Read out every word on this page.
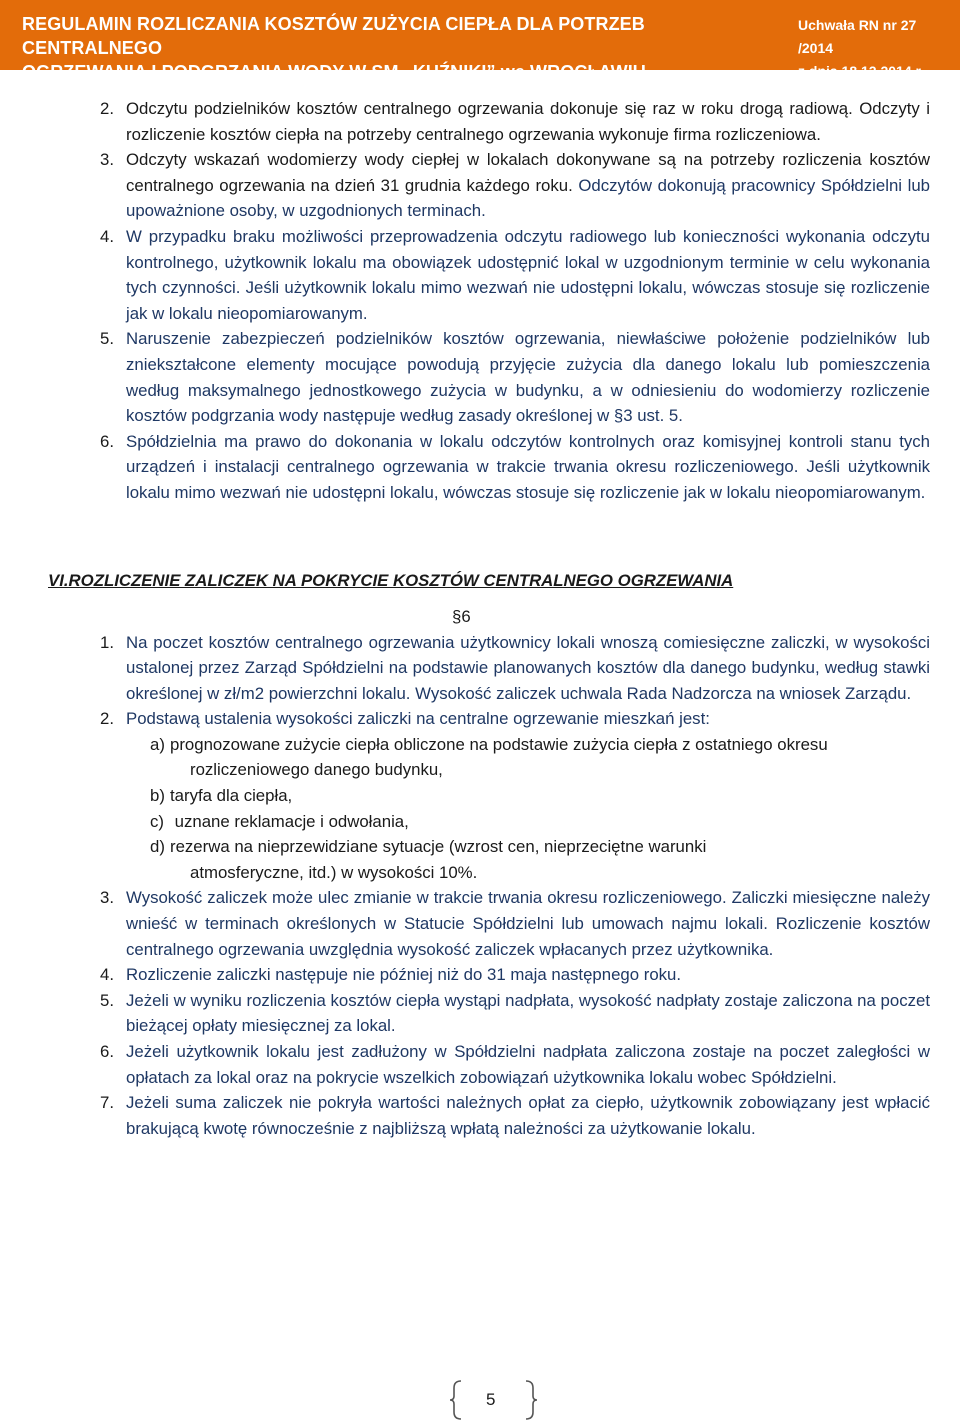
REGULAMIN ROZLICZANIA KOSZTÓW ZUŻYCIA CIEPŁA DLA POTRZEB CENTRALNEGO
OGRZEWANIA I PODGRZANIA WODY W SM „KUŹNIKI” we WROCŁAWIU
Uchwała RN nr 27 /2014
z dnia 18.12.2014 r.
2. Odczytu podzielników kosztów centralnego ogrzewania dokonuje się raz w roku drogą radiową. Odczyty i rozliczenie kosztów ciepła na potrzeby centralnego ogrzewania wykonuje firma rozliczeniowa.
3. Odczyty wskazań wodomierzy wody ciepłej w lokalach dokonywane są na potrzeby rozliczenia kosztów centralnego ogrzewania na dzień 31 grudnia każdego roku. Odczytów dokonują pracownicy Spółdzielni lub upoważnione osoby, w uzgodnionych terminach.
4. W przypadku braku możliwości przeprowadzenia odczytu radiowego lub konieczności wykonania odczytu kontrolnego, użytkownik lokalu ma obowiązek udostępnić lokal w uzgodnionym terminie w celu wykonania tych czynności. Jeśli użytkownik lokalu mimo wezwań nie udostępni lokalu, wówczas stosuje się rozliczenie jak w lokalu nieopomiarowanym.
5. Naruszenie zabezpieczeń podzielników kosztów ogrzewania, niewłaściwe położenie podzielników lub zniekształcone elementy mocujące powodują przyjęcie zużycia dla danego lokalu lub pomieszczenia według maksymalnego jednostkowego zużycia w budynku, a w odniesieniu do wodomierzy rozliczenie kosztów podgrzania wody następuje według zasady określonej w §3 ust. 5.
6. Spółdzielnia ma prawo do dokonania w lokalu odczytów kontrolnych oraz komisyjnej kontroli stanu tych urządzeń i instalacji centralnego ogrzewania w trakcie trwania okresu rozliczeniowego. Jeśli użytkownik lokalu mimo wezwań nie udostępni lokalu, wówczas stosuje się rozliczenie jak w lokalu nieopomiarowanym.
VI.ROZLICZENIE ZALICZEK NA POKRYCIE KOSZTÓW CENTRALNEGO OGRZEWANIA
§6
1. Na poczet kosztów centralnego ogrzewania użytkownicy lokali wnoszą comiesięczne zaliczki, w wysokości ustalonej przez Zarząd Spółdzielni na podstawie planowanych kosztów dla danego budynku, według stawki określonej w zł/m2 powierzchni lokalu. Wysokość zaliczek uchwala Rada Nadzorcza na wniosek Zarządu.
2. Podstawą ustalenia wysokości zaliczki na centralne ogrzewanie mieszkań jest:
a) prognozowane zużycie ciepła obliczone na podstawie zużycia ciepła z ostatniego okresu
rozliczeniowego danego budynku,
b) taryfa dla ciepła,
c) uznane reklamacje i odwołania,
d) rezerwa na nieprzewidziane sytuacje (wzrost cen, nieprzeciętne warunki
atmosferyczne, itd.) w wysokości 10%.
3. Wysokość zaliczek może ulec zmianie w trakcie trwania okresu rozliczeniowego. Zaliczki miesięczne należy wnieść w terminach określonych w Statucie Spółdzielni lub umowach najmu lokali. Rozliczenie kosztów centralnego ogrzewania uwzględnia wysokość zaliczek wpłacanych przez użytkownika.
4. Rozliczenie zaliczki następuje nie później niż do 31 maja następnego roku.
5. Jeżeli w wyniku rozliczenia kosztów ciepła wystąpi nadpłata, wysokość nadpłaty zostaje zaliczona na poczet bieżącej opłaty miesięcznej za lokal.
6. Jeżeli użytkownik lokalu jest zadłużony w Spółdzielni nadpłata zaliczona zostaje na poczet zaległości w opłatach za lokal oraz na pokrycie wszelkich zobowiązań użytkownika lokalu wobec Spółdzielni.
7. Jeżeli suma zaliczek nie pokryła wartości należnych opłat za ciepło, użytkownik zobowiązany jest wpłacić brakującą kwotę równocześnie z najbliższą wpłatą należności za użytkowanie lokalu.
5
